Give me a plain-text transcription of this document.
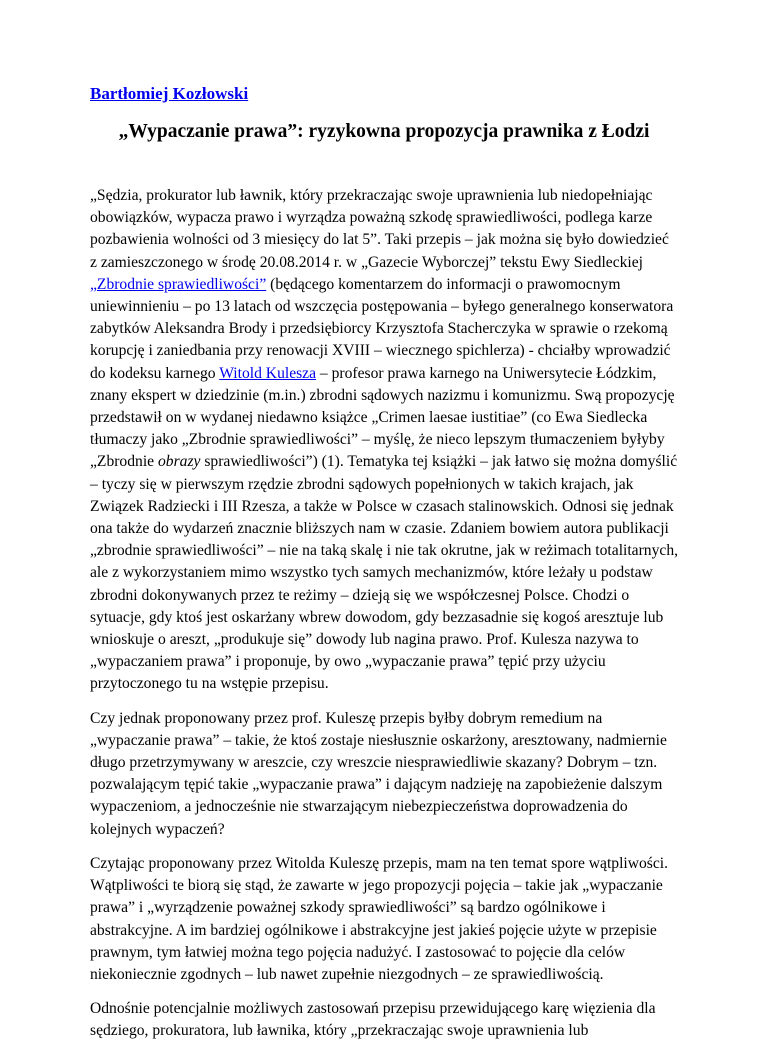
Bartłomiej Kozłowski
„Wypaczanie prawa”: ryzykowna propozycja prawnika z Łodzi

„Sędzia, prokurator lub ławnik, który przekraczając swoje uprawnienia lub niedopełniając
obowiązków, wypacza prawo i wyrządza poważną szkodę sprawiedliwości, podlega karze
pozbawienia wolności od 3 miesięcy do lat 5”. Taki przepis – jak można się było dowiedzieć
z zamieszczonego w środę 20.08.2014 r. w „Gazecie Wyborczej” tekstu Ewy Siedleckiej
„Zbrodnie sprawiedliwości” (będącego komentarzem do informacji o prawomocnym
uniewinnieniu – po 13 latach od wszczęcia postępowania – byłego generalnego konserwatora
zabytków Aleksandra Brody i przedsiębiorcy Krzysztofa Stacherczyka w sprawie o rzekomą
korupcję i zaniedbania przy renowacji XVIII – wiecznego spichlerza) - chciałby wprowadzić
do kodeksu karnego Witold Kulesza – profesor prawa karnego na Uniwersytecie Łódzkim,
znany ekspert w dziedzinie (m.in.) zbrodni sądowych nazizmu i komunizmu. Swą propozycję
przedstawił on w wydanej niedawno książce „Crimen laesae iustitiae” (co Ewa Siedlecka
tłumaczy jako „Zbrodnie sprawiedliwości” – myślę, że nieco lepszym tłumaczeniem byłyby
„Zbrodnie obrazy sprawiedliwości”) (1). Tematyka tej książki – jak łatwo się można domyślić
– tyczy się w pierwszym rzędzie zbrodni sądowych popełnionych w takich krajach, jak
Związek Radziecki i III Rzesza, a także w Polsce w czasach stalinowskich. Odnosi się jednak
ona także do wydarzeń znacznie bliższych nam w czasie. Zdaniem bowiem autora publikacji
„zbrodnie sprawiedliwości” – nie na taką skalę i nie tak okrutne, jak w reżimach totalitarnych,
ale z wykorzystaniem mimo wszystko tych samych mechanizmów, które leżały u podstaw
zbrodni dokonywanych przez te reżimy – dzieją się we współczesnej Polsce. Chodzi o
sytuacje, gdy ktoś jest oskarżany wbrew dowodom, gdy bezzasadnie się kogoś aresztuje lub
wnioskuje o areszt, „produkuje się” dowody lub nagina prawo. Prof. Kulesza nazywa to
„wypaczaniem prawa” i proponuje, by owo „wypaczanie prawa” tępić przy użyciu
przytoczonego tu na wstępie przepisu.

Czy jednak proponowany przez prof. Kuleszę przepis byłby dobrym remedium na
„wypaczanie prawa” – takie, że ktoś zostaje niesłusznie oskarżony, aresztowany, nadmiernie
długo przetrzymywany w areszcie, czy wreszcie niesprawiedliwie skazany? Dobrym – tzn.
pozwalającym tępić takie „wypaczanie prawa” i dającym nadzieję na zapobieżenie dalszym
wypaczeniom, a jednocześnie nie stwarzającym niebezpieczeństwa doprowadzenia do
kolejnych wypaczeń?

Czytając proponowany przez Witolda Kuleszę przepis, mam na ten temat spore wątpliwości.
Wątpliwości te biorą się stąd, że zawarte w jego propozycji pojęcia – takie jak „wypaczanie
prawa” i „wyrządzenie poważnej szkody sprawiedliwości” są bardzo ogólnikowe i
abstrakcyjne. A im bardziej ogólnikowe i abstrakcyjne jest jakieś pojęcie użyte w przepisie
prawnym, tym łatwiej można tego pojęcia nadużyć. I zastosować to pojęcie dla celów
niekoniecznie zgodnych – lub nawet zupełnie niezgodnych – ze sprawiedliwością.

Odnośnie potencjalnie możliwych zastosowań przepisu przewidującego karę więzienia dla
sędziego, prokuratora, lub ławnika, który „przekraczając swoje uprawnienia lub
